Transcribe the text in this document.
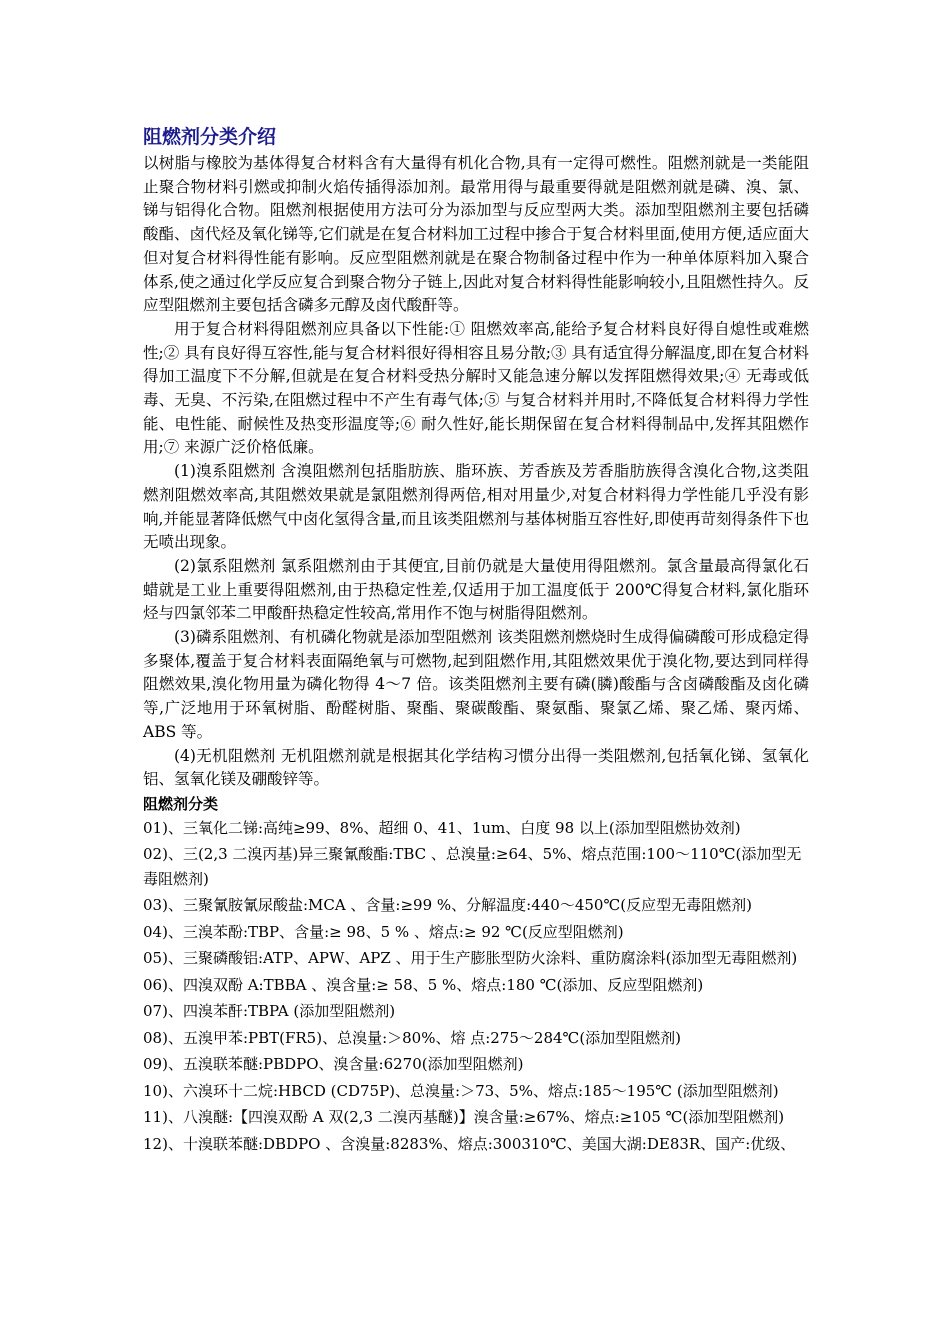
阻燃剂分类介绍

以树脂与橡胶为基体得复合材料含有大量得有机化合物,具有一定得可燃性。阻燃剂就是一类能阻止聚合物材料引燃或抑制火焰传插得添加剂。最常用得与最重要得就是阻燃剂就是磷、溴、氯、锑与铝得化合物。阻燃剂根据使用方法可分为添加型与反应型两大类。添加型阻燃剂主要包括磷酸酯、卤代烃及氧化锑等,它们就是在复合材料加工过程中掺合于复合材料里面,使用方便,适应面大但对复合材料得性能有影响。反应型阻燃剂就是在聚合物制备过程中作为一种单体原料加入聚合体系,使之通过化学反应复合到聚合物分子链上,因此对复合材料得性能影响较小,且阻燃性持久。反应型阻燃剂主要包括含磷多元醇及卤代酸酐等。

用于复合材料得阻燃剂应具备以下性能:① 阻燃效率高,能给予复合材料良好得自熄性或难燃性;② 具有良好得互容性,能与复合材料很好得相容且易分散;③ 具有适宜得分解温度,即在复合材料得加工温度下不分解,但就是在复合材料受热分解时又能急速分解以发挥阻燃得效果;④ 无毒或低毒、无臭、不污染,在阻燃过程中不产生有毒气体;⑤ 与复合材料并用时,不降低复合材料得力学性能、电性能、耐候性及热变形温度等;⑥ 耐久性好,能长期保留在复合材料得制品中,发挥其阻燃作用;⑦ 来源广泛价格低廉。

(1)溴系阻燃剂 含溴阻燃剂包括脂肪族、脂环族、芳香族及芳香脂肪族得含溴化合物,这类阻燃剂阻燃效率高,其阻燃效果就是氯阻燃剂得两倍,相对用量少,对复合材料得力学性能几乎没有影响,并能显著降低燃气中卤化氢得含量,而且该类阻燃剂与基体树脂互容性好,即使再苛刻得条件下也无喷出现象。

(2)氯系阻燃剂 氯系阻燃剂由于其便宜,目前仍就是大量使用得阻燃剂。氯含量最高得氯化石蜡就是工业上重要得阻燃剂,由于热稳定性差,仅适用于加工温度低于 200℃得复合材料,氯化脂环烃与四氯邻苯二甲酸酐热稳定性较高,常用作不饱与树脂得阻燃剂。

(3)磷系阻燃剂、有机磷化物就是添加型阻燃剂 该类阻燃剂燃烧时生成得偏磷酸可形成稳定得多聚体,覆盖于复合材料表面隔绝氧与可燃物,起到阻燃作用,其阻燃效果优于溴化物,要达到同样得阻燃效果,溴化物用量为磷化物得 4～7 倍。该类阻燃剂主要有磷(膦)酸酯与含卤磷酸酯及卤化磷等,广泛地用于环氧树脂、酚醛树脂、聚酯、聚碳酸酯、聚氨酯、聚氯乙烯、聚乙烯、聚丙烯、ABS 等。

(4)无机阻燃剂 无机阻燃剂就是根据其化学结构习惯分出得一类阻燃剂,包括氧化锑、氢氧化铝、氢氧化镁及硼酸锌等。

阻燃剂分类

01)、三氧化二锑:高纯≥99、8%、超细 0、41、1um、白度 98 以上(添加型阻燃协效剂)

02)、三(2,3 二溴丙基)异三聚氰酸酯:TBC 、总溴量:≥64、5%、熔点范围:100～110℃(添加型无毒阻燃剂)

03)、三聚氰胺氰尿酸盐:MCA 、含量:≥99 %、分解温度:440～450℃(反应型无毒阻燃剂)

04)、三溴苯酚:TBP、含量:≥ 98、5 % 、熔点:≥ 92 ℃(反应型阻燃剂)

05)、三聚磷酸铝:ATP、APW、APZ 、用于生产膨胀型防火涂料、重防腐涂料(添加型无毒阻燃剂)

06)、四溴双酚 A:TBBA 、溴含量:≥ 58、5 %、熔点:180 ℃(添加、反应型阻燃剂)

07)、四溴苯酐:TBPA (添加型阻燃剂)

08)、五溴甲苯:PBT(FR5)、总溴量:＞80%、熔 点:275～284℃(添加型阻燃剂)

09)、五溴联苯醚:PBDPO、溴含量:6270(添加型阻燃剂)

10)、六溴环十二烷:HBCD (CD75P)、总溴量:＞73、5%、熔点:185～195℃ (添加型阻燃剂)

11)、八溴醚:【四溴双酚 A 双(2,3 二溴丙基醚)】溴含量:≥67%、熔点:≥105 ℃(添加型阻燃剂)

12)、十溴联苯醚:DBDPO 、含溴量:8283%、熔点:300310℃、美国大湖:DE83R、国产:优级、
